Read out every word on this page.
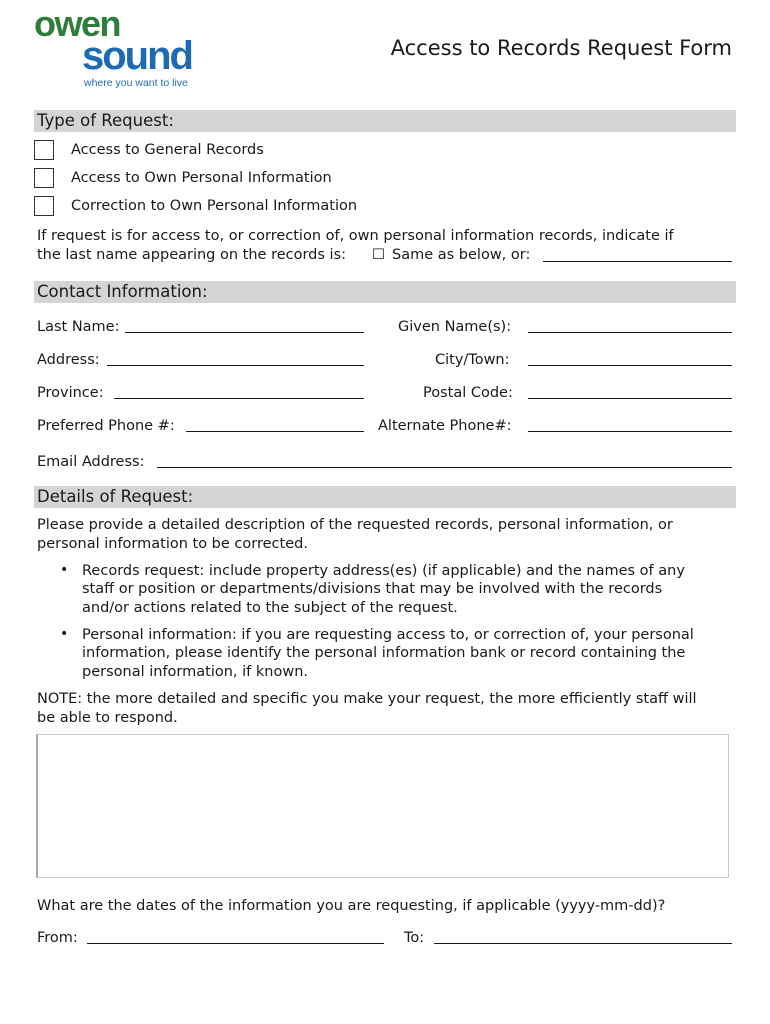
owen
sound
where you want to live
Access to Records Request Form
Type of Request:
Access to General Records
Access to Own Personal Information
Correction to Own Personal Information
If request is for access to, or correction of, own personal information records, indicate if
the last name appearing on the records is: ☐ Same as below, or:
Contact Information:
Last Name:	Given Name(s):
Address:	City/Town:
Province:	Postal Code:
Preferred Phone #:	Alternate Phone#:
Email Address:
Details of Request:
Please provide a detailed description of the requested records, personal information, or
personal information to be corrected.
• Records request: include property address(es) (if applicable) and the names of any
staff or position or departments/divisions that may be involved with the records
and/or actions related to the subject of the request.
• Personal information: if you are requesting access to, or correction of, your personal
information, please identify the personal information bank or record containing the
personal information, if known.
NOTE: the more detailed and specific you make your request, the more efficiently staff will
be able to respond.
What are the dates of the information you are requesting, if applicable (yyyy-mm-dd)?
From:	To:
